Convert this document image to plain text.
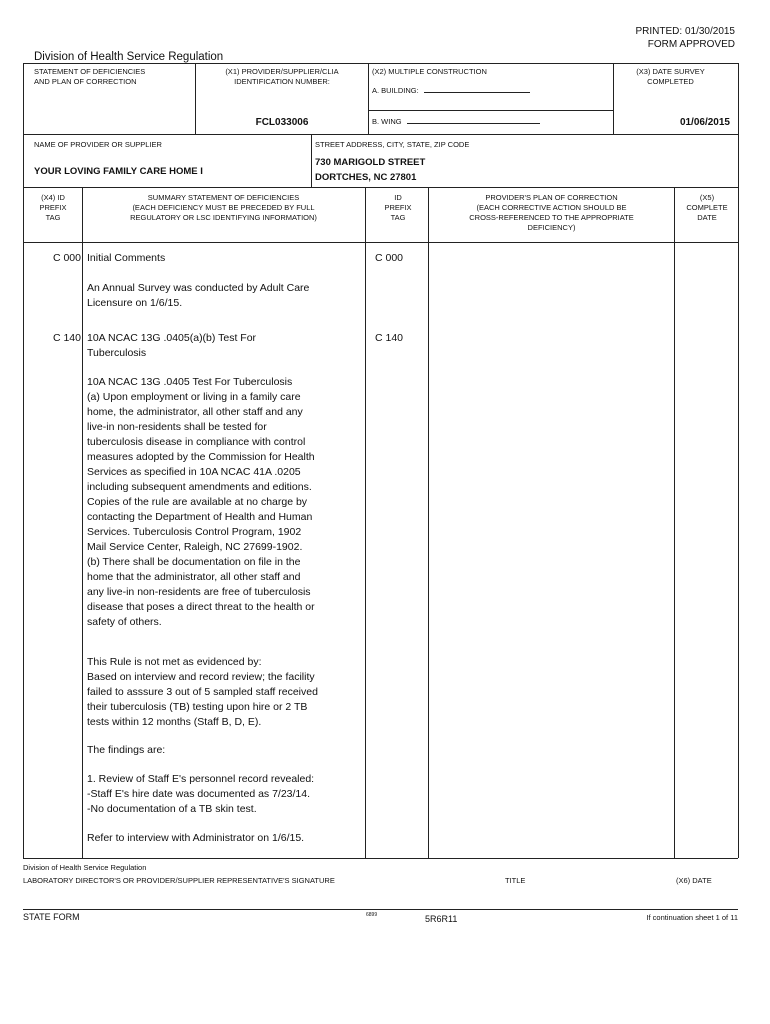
PRINTED: 01/30/2015
FORM APPROVED
Division of Health Service Regulation
STATEMENT OF DEFICIENCIES
AND PLAN OF CORRECTION
(X1) PROVIDER/SUPPLIER/CLIA
IDENTIFICATION NUMBER:
FCL033006
(X2) MULTIPLE CONSTRUCTION
A. BUILDING:
B. WING
(X3) DATE SURVEY
COMPLETED
01/06/2015
NAME OF PROVIDER OR SUPPLIER
YOUR LOVING FAMILY CARE HOME I
STREET ADDRESS, CITY, STATE, ZIP CODE
730 MARIGOLD STREET
DORTCHES, NC 27801
(X4) ID
PREFIX
TAG
SUMMARY STATEMENT OF DEFICIENCIES
(EACH DEFICIENCY MUST BE PRECEDED BY FULL
REGULATORY OR LSC IDENTIFYING INFORMATION)
ID
PREFIX
TAG
PROVIDER'S PLAN OF CORRECTION
(EACH CORRECTIVE ACTION SHOULD BE
CROSS-REFERENCED TO THE APPROPRIATE
DEFICIENCY)
(X5)
COMPLETE
DATE
C 000 Initial Comments	C 000
An Annual Survey was conducted by Adult Care
Licensure on 1/6/15.
C 140 10A NCAC 13G .0405(a)(b) Test For
Tuberculosis
C 140
10A NCAC 13G .0405 Test For Tuberculosis
(a) Upon employment or living in a family care
home, the administrator, all other staff and any
live-in non-residents shall be tested for
tuberculosis disease in compliance with control
measures adopted by the Commission for Health
Services as specified in 10A NCAC 41A .0205
including subsequent amendments and editions.
Copies of the rule are available at no charge by
contacting the Department of Health and Human
Services. Tuberculosis Control Program, 1902
Mail Service Center, Raleigh, NC 27699-1902.
(b) There shall be documentation on file in the
home that the administrator, all other staff and
any live-in non-residents are free of tuberculosis
disease that poses a direct threat to the health or
safety of others.
This Rule is not met as evidenced by:
Based on interview and record review; the facility
failed to asssure 3 out of 5 sampled staff received
their tuberculosis (TB) testing upon hire or 2 TB
tests within 12 months (Staff B, D, E).
The findings are:
1. Review of Staff E's personnel record revealed:
-Staff E's hire date was documented as 7/23/14.
-No documentation of a TB skin test.
Refer to interview with Administrator on 1/6/15.
Division of Health Service Regulation
LABORATORY DIRECTOR'S OR PROVIDER/SUPPLIER REPRESENTATIVE'S SIGNATURE	TITLE	(X6) DATE
STATE FORM	6899	5R6R11	If continuation sheet 1 of 11
